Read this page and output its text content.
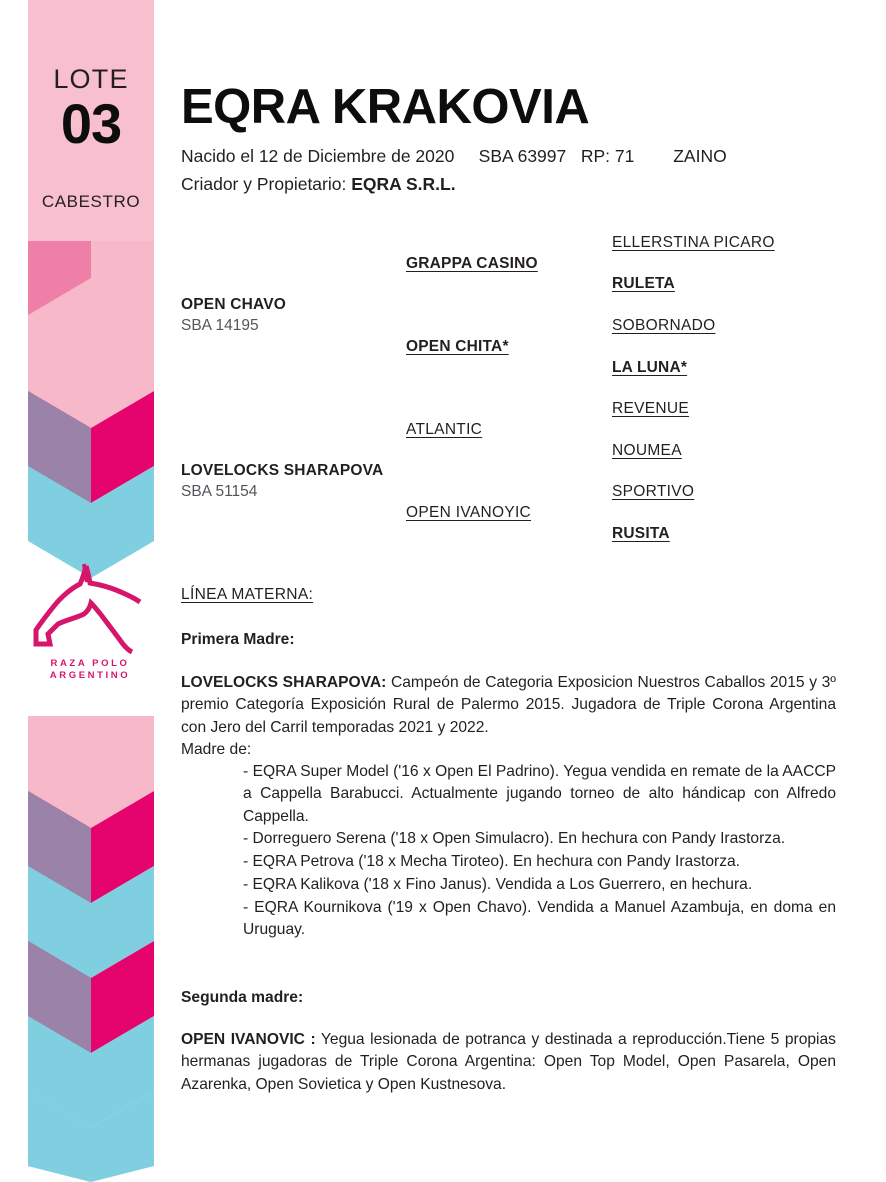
LOTE
03
CABESTRO
RAZA POLO
ARGENTINO
EQRA KRAKOVIA
Nacido el 12 de Diciembre de 2020     SBA 63997   RP: 71        ZAINO
Criador y Propietario: EQRA S.R.L.
OPEN CHAVO
SBA 14195
LOVELOCKS SHARAPOVA
SBA 51154
GRAPPA CASINO
OPEN CHITA*
ATLANTIC
OPEN IVANOYIC
ELLERSTINA PICARO
RULETA
SOBORNADO
LA LUNA*
REVENUE
NOUMEA
SPORTIVO
RUSITA
LÍNEA MATERNA:
Primera Madre:
LOVELOCKS SHARAPOVA: Campeón de Categoria Exposicion Nuestros Caballos 2015 y 3º premio Categoría Exposición Rural de Palermo 2015. Jugadora de Triple Corona Argentina con Jero del Carril temporadas 2021 y 2022.
Madre de:
- EQRA Super Model ('16 x Open El Padrino). Yegua vendida en remate de la AACCP a Cappella Barabucci. Actualmente jugando torneo de alto hándicap con Alfredo Cappella.
- Dorreguero Serena ('18 x Open Simulacro). En hechura con Pandy Irastorza.
- EQRA Petrova ('18 x Mecha Tiroteo). En hechura con Pandy Irastorza.
- EQRA Kalikova ('18 x Fino Janus). Vendida a Los Guerrero, en hechura.
- EQRA Kournikova ('19 x Open Chavo). Vendida a Manuel Azambuja, en doma en Uruguay.
Segunda madre:
OPEN IVANOVIC : Yegua lesionada de potranca y destinada a reproducción.Tiene 5 propias hermanas jugadoras de Triple Corona Argentina: Open Top Model, Open Pasarela, Open Azarenka, Open Sovietica y Open Kustnesova.
